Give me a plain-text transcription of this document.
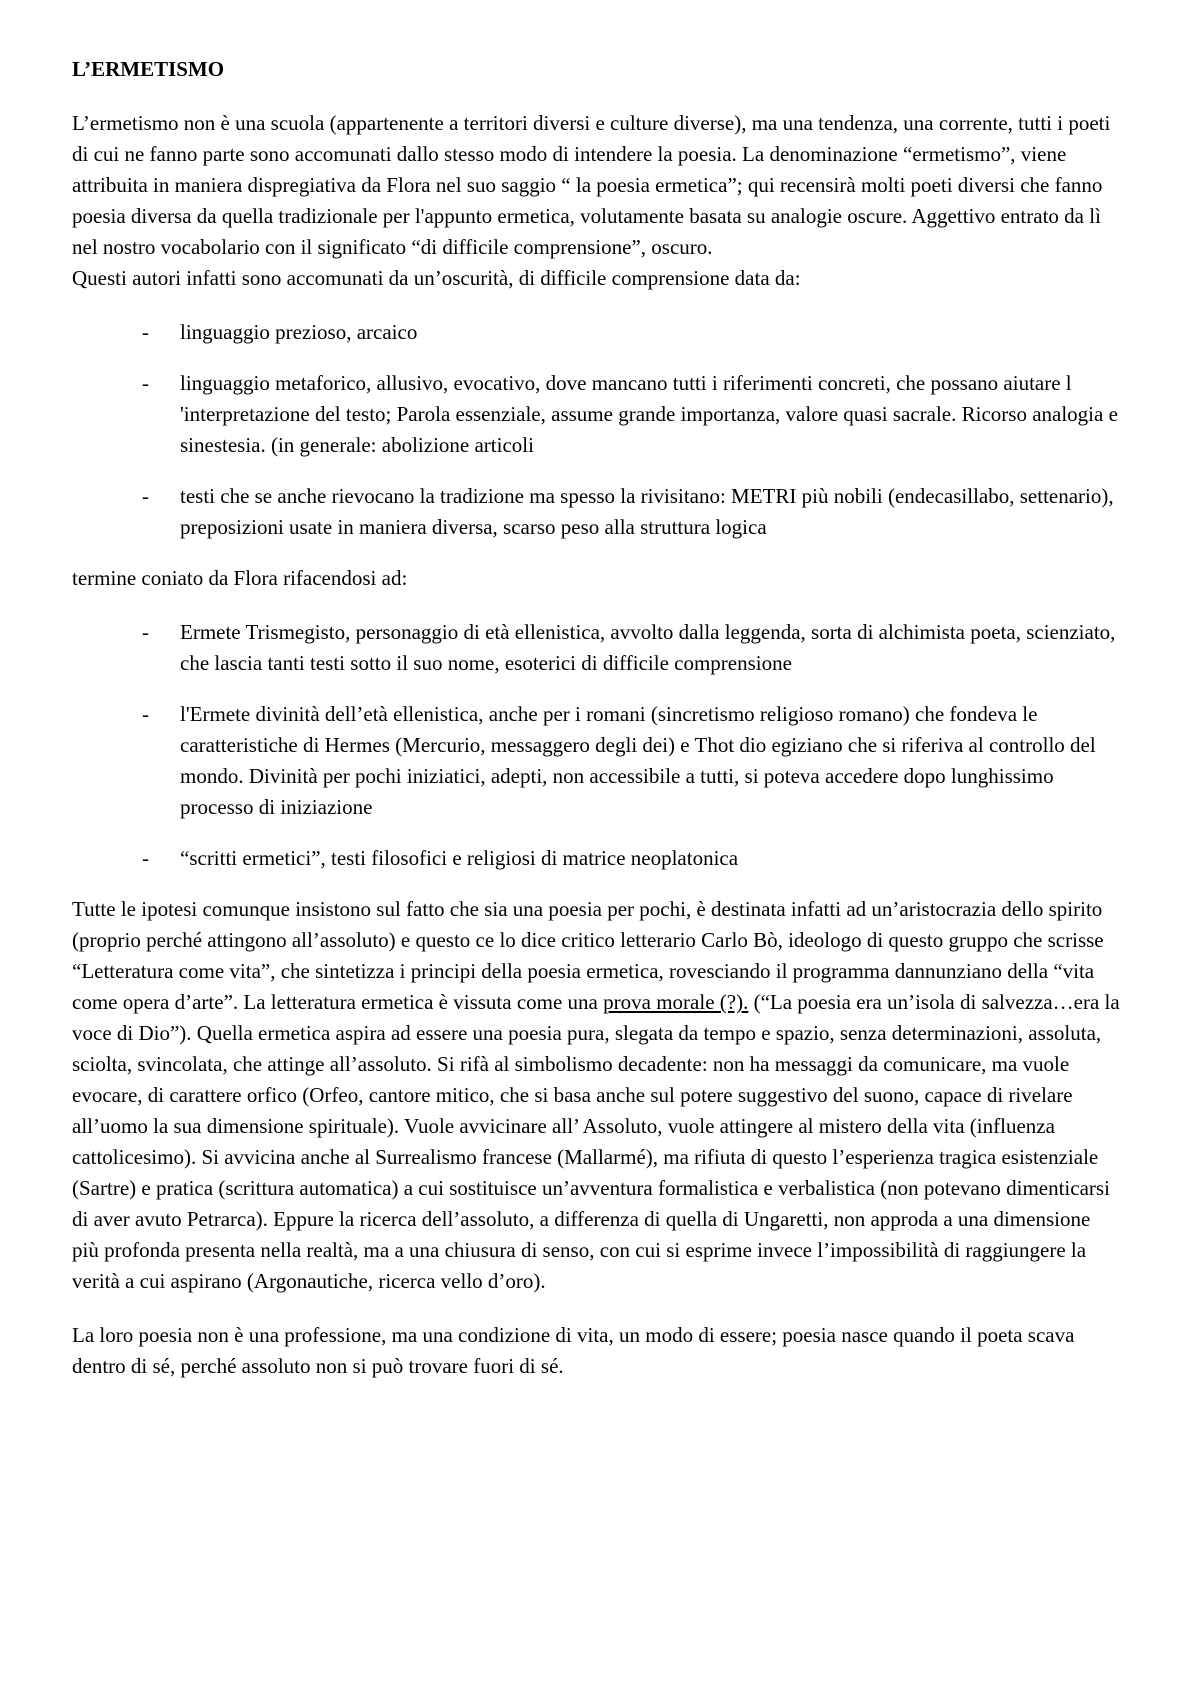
L’ERMETISMO

L’ermetismo non è una scuola (appartenente a territori diversi e culture diverse), ma una tendenza, una corrente, tutti i poeti di cui ne fanno parte sono accomunati dallo stesso modo di intendere la poesia. La denominazione “ermetismo”, viene attribuita in maniera dispregiativa da Flora nel suo saggio “ la poesia ermetica”; qui recensirà molti poeti diversi che fanno poesia diversa da quella tradizionale per l'appunto ermetica, volutamente basata su analogie oscure. Aggettivo entrato da lì nel nostro vocabolario con il significato “di difficile comprensione”, oscuro.

Questi autori infatti sono accomunati da un’oscurità, di difficile comprensione data da:

- linguaggio prezioso, arcaico
- linguaggio metaforico, allusivo, evocativo, dove mancano tutti i riferimenti concreti, che possano aiutare l 'interpretazione del testo; Parola essenziale, assume grande importanza, valore quasi sacrale. Ricorso analogia e sinestesia. (in generale: abolizione articoli
- testi che se anche rievocano la tradizione ma spesso la rivisitano: METRI più nobili (endecasillabo, settenario), preposizioni usate in maniera diversa, scarso peso alla struttura logica

termine coniato da Flora rifacendosi ad:

- Ermete Trismegisto, personaggio di età ellenistica, avvolto dalla leggenda, sorta di alchimista poeta, scienziato, che lascia tanti testi sotto il suo nome, esoterici di difficile comprensione
- l'Ermete divinità dell’età ellenistica, anche per i romani (sincretismo religioso romano) che fondeva le caratteristiche di Hermes (Mercurio, messaggero degli dei) e Thot dio egiziano che si riferiva al controllo del mondo. Divinità per pochi iniziatici, adepti, non accessibile a tutti, si poteva accedere dopo lunghissimo processo di iniziazione
- “scritti ermetici”, testi filosofici e religiosi di matrice neoplatonica

Tutte le ipotesi comunque insistono sul fatto che sia una poesia per pochi, è destinata infatti ad un’aristocrazia dello spirito (proprio perché attingono all’assoluto) e questo ce lo dice critico letterario Carlo Bò, ideologo di questo gruppo che scrisse “Letteratura come vita”, che sintetizza i principi della poesia ermetica, rovesciando il programma dannunziano della “vita come opera d’arte”. La letteratura ermetica è vissuta come una prova morale (?). (“La poesia era un’isola di salvezza…era la voce di Dio”). Quella ermetica aspira ad essere una poesia pura, slegata da tempo e spazio, senza determinazioni, assoluta, sciolta, svincolata, che attinge all’assoluto. Si rifà al simbolismo decadente: non ha messaggi da comunicare, ma vuole evocare, di carattere orfico (Orfeo, cantore mitico, che si basa anche sul potere suggestivo del suono, capace di rivelare all’uomo la sua dimensione spirituale). Vuole avvicinare all’ Assoluto, vuole attingere al mistero della vita (influenza cattolicesimo). Si avvicina anche al Surrealismo francese (Mallarmé), ma rifiuta di questo l’esperienza tragica esistenziale (Sartre) e pratica (scrittura automatica) a cui sostituisce un’avventura formalistica e verbalistica (non potevano dimenticarsi di aver avuto Petrarca). Eppure la ricerca dell’assoluto, a differenza di quella di Ungaretti, non approda a una dimensione più profonda presenta nella realtà, ma a una chiusura di senso, con cui si esprime invece l’impossibilità di raggiungere la verità a cui aspirano (Argonautiche, ricerca vello d’oro).

La loro poesia non è una professione, ma una condizione di vita, un modo di essere; poesia nasce quando il poeta scava dentro di sé, perché assoluto non si può trovare fuori di sé.
